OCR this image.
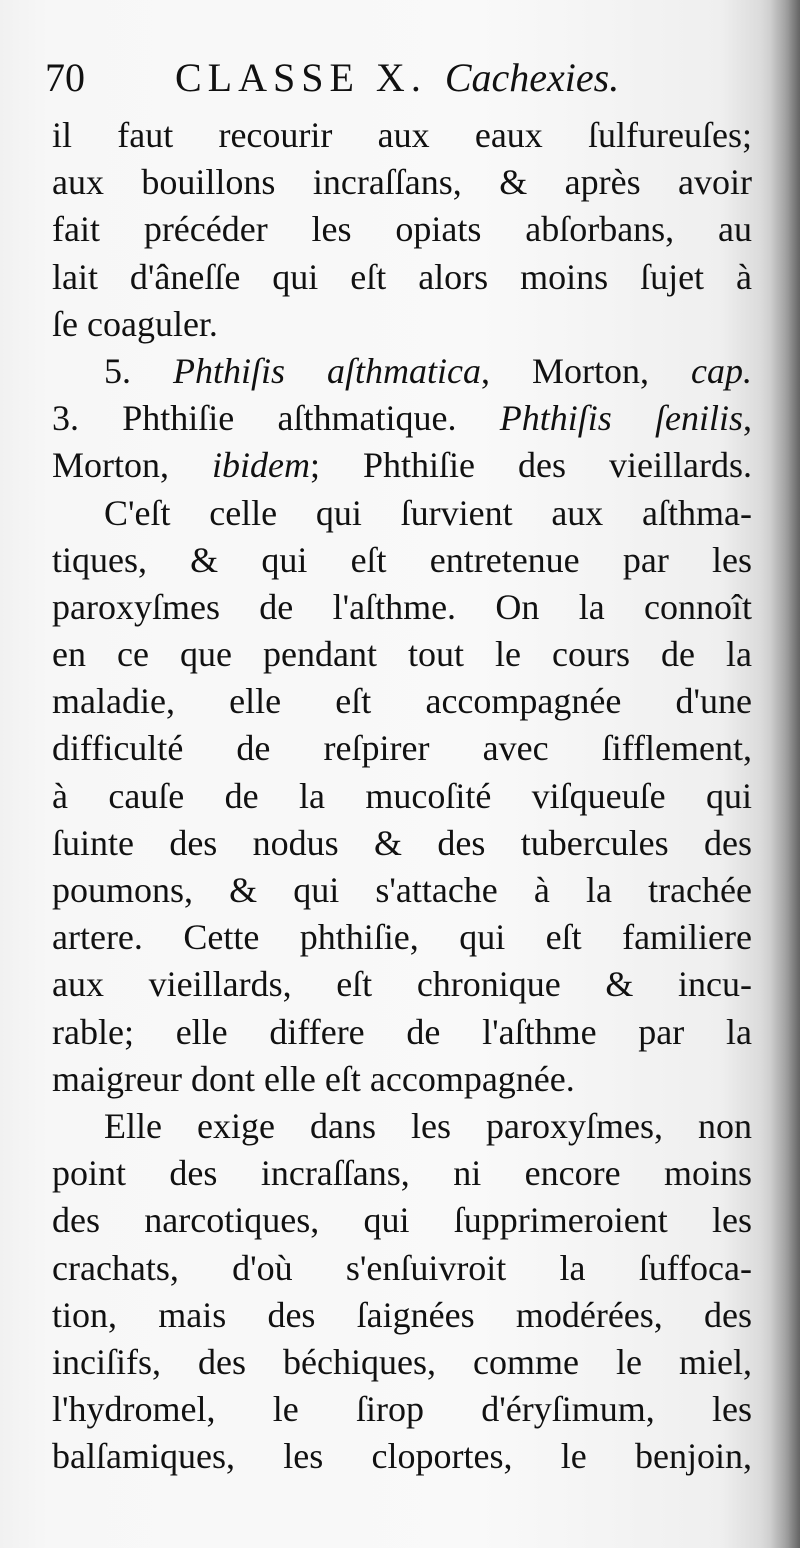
70 CLASSE X. Cachexies.
il faut recourir aux eaux ſulfureuſes;
aux bouillons incraſſans, & après avoir
fait précéder les opiats abſorbans, au
lait d'âneſſe qui eſt alors moins ſujet à
ſe coaguler.
5. Phthiſis aſthmatica, Morton, cap.
3. Phthiſie aſthmatique. Phthiſis ſenilis,
Morton, ibidem; Phthiſie des vieillards.
C'eſt celle qui ſurvient aux aſthma-
tiques, & qui eſt entretenue par les
paroxyſmes de l'aſthme. On la connoît
en ce que pendant tout le cours de la
maladie, elle eſt accompagnée d'une
difficulté de reſpirer avec ſifflement,
à cauſe de la mucoſité viſqueuſe qui
ſuinte des nodus & des tubercules des
poumons, & qui s'attache à la trachée
artere. Cette phthiſie, qui eſt familiere
aux vieillards, eſt chronique & incu-
rable; elle differe de l'aſthme par la
maigreur dont elle eſt accompagnée.
Elle exige dans les paroxyſmes, non
point des incraſſans, ni encore moins
des narcotiques, qui ſupprimeroient les
crachats, d'où s'enſuivroit la ſuffoca-
tion, mais des ſaignées modérées, des
inciſifs, des béchiques, comme le miel,
l'hydromel, le ſirop d'éryſimum, les
balſamiques, les cloportes, le benjoin,
